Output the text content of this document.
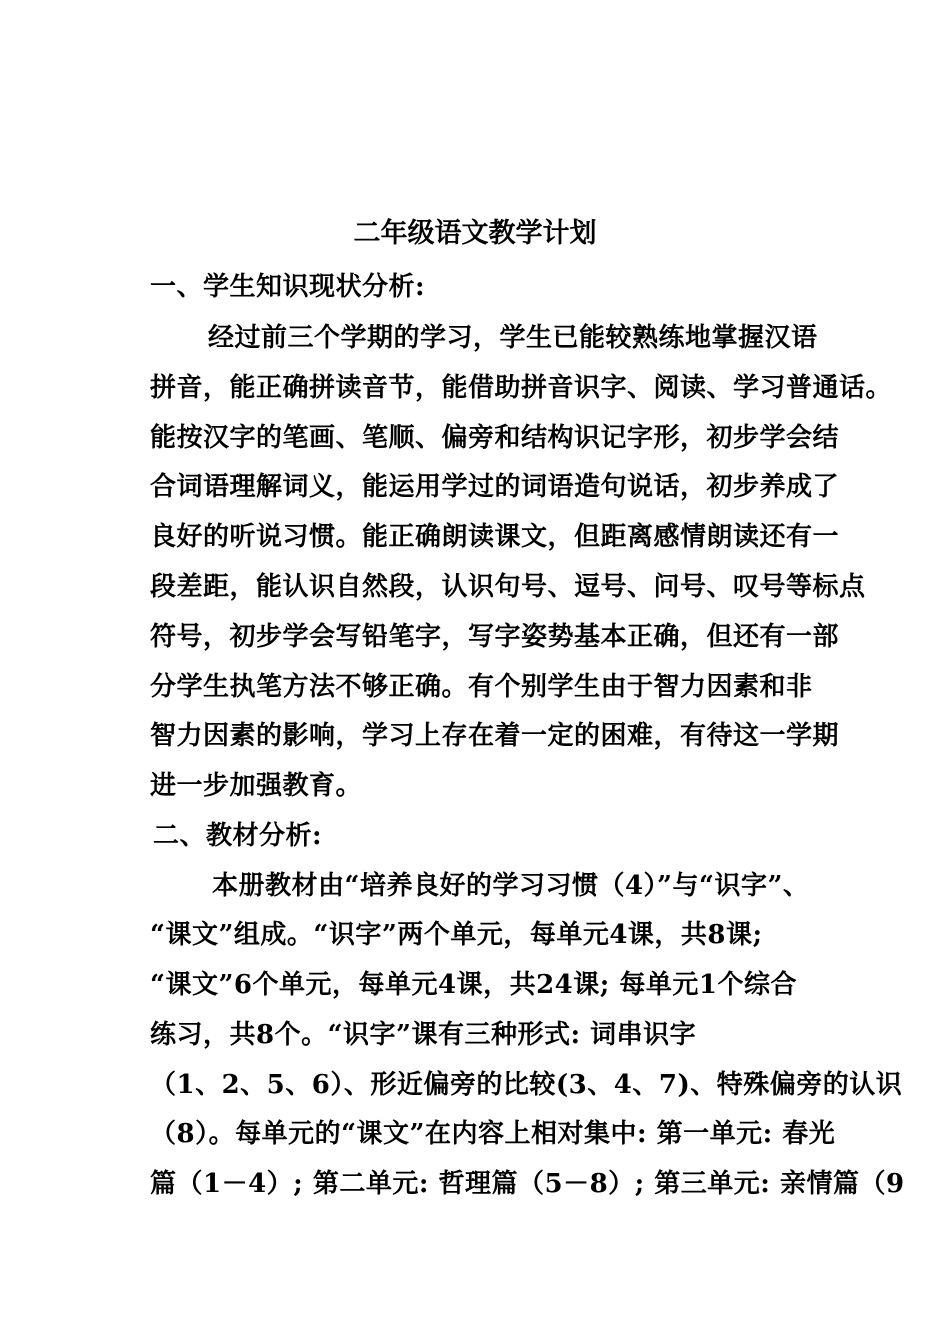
二年级语文教学计划
一、学生知识现状分析:
经过前三个学期的学习，学生已能较熟练地掌握汉语
拼音，能正确拼读音节，能借助拼音识字、阅读、学习普通话。
能按汉字的笔画、笔顺、偏旁和结构识记字形，初步学会结
合词语理解词义，能运用学过的词语造句说话，初步养成了
良好的听说习惯。能正确朗读课文，但距离感情朗读还有一
段差距，能认识自然段，认识句号、逗号、问号、叹号等标点
符号，初步学会写铅笔字，写字姿势基本正确，但还有一部
分学生执笔方法不够正确。有个别学生由于智力因素和非
智力因素的影响，学习上存在着一定的困难，有待这一学期
进一步加强教育。
二、教材分析:
本册教材由“培养良好的学习习惯（4）”与“识字”、
“课文”组成。“识字”两个单元，每单元4课，共8课;
“课文”6个单元，每单元4课，共24课; 每单元1个综合
练习，共8个。“识字”课有三种形式: 词串识字
（1、2、5、6）、形近偏旁的比较(3、4、7)、特殊偏旁的认识
（8）。每单元的“课文”在内容上相对集中: 第一单元: 春光
篇（1－4）; 第二单元: 哲理篇（5－8）; 第三单元: 亲情篇（9
